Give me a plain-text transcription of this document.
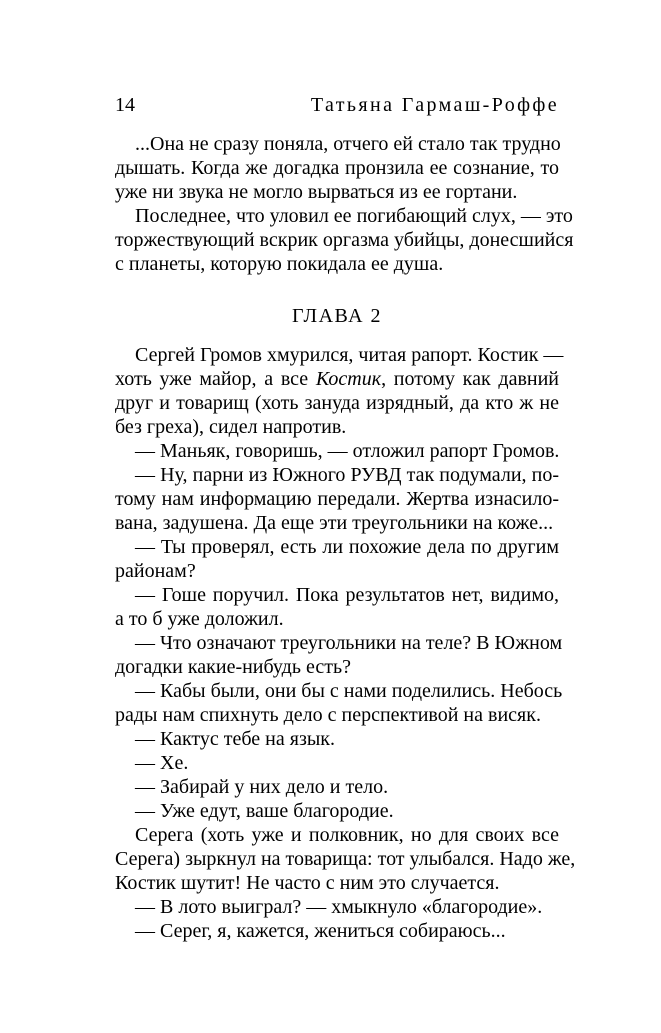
14	Татьяна Гармаш-Роффе
...Она не сразу поняла, отчего ей стало так трудно
дышать. Когда же догадка пронзила ее сознание, то
уже ни звука не могло вырваться из ее гортани.
Последнее, что уловил ее погибающий слух, — это
торжествующий вскрик оргазма убийцы, донесшийся
с планеты, которую покидала ее душа.
ГЛАВА 2
Сергей Громов хмурился, читая рапорт. Костик —
хоть уже майор, а все Костик, потому как давний
друг и товарищ (хоть зануда изрядный, да кто ж не
без греха), сидел напротив.
— Маньяк, говоришь, — отложил рапорт Громов.
— Ну, парни из Южного РУВД так подумали, по-
тому нам информацию передали. Жертва изнасило-
вана, задушена. Да еще эти треугольники на коже...
— Ты проверял, есть ли похожие дела по другим
районам?
— Гоше поручил. Пока результатов нет, видимо,
а то б уже доложил.
— Что означают треугольники на теле? В Южном
догадки какие-нибудь есть?
— Кабы были, они бы с нами поделились. Небось
рады нам спихнуть дело с перспективой на висяк.
— Кактус тебе на язык.
— Хе.
— Забирай у них дело и тело.
— Уже едут, ваше благородие.
Серега (хоть уже и полковник, но для своих все
Серега) зыркнул на товарища: тот улыбался. Надо же,
Костик шутит! Не часто с ним это случается.
— В лото выиграл? — хмыкнуло «благородие».
— Серег, я, кажется, жениться собираюсь...
